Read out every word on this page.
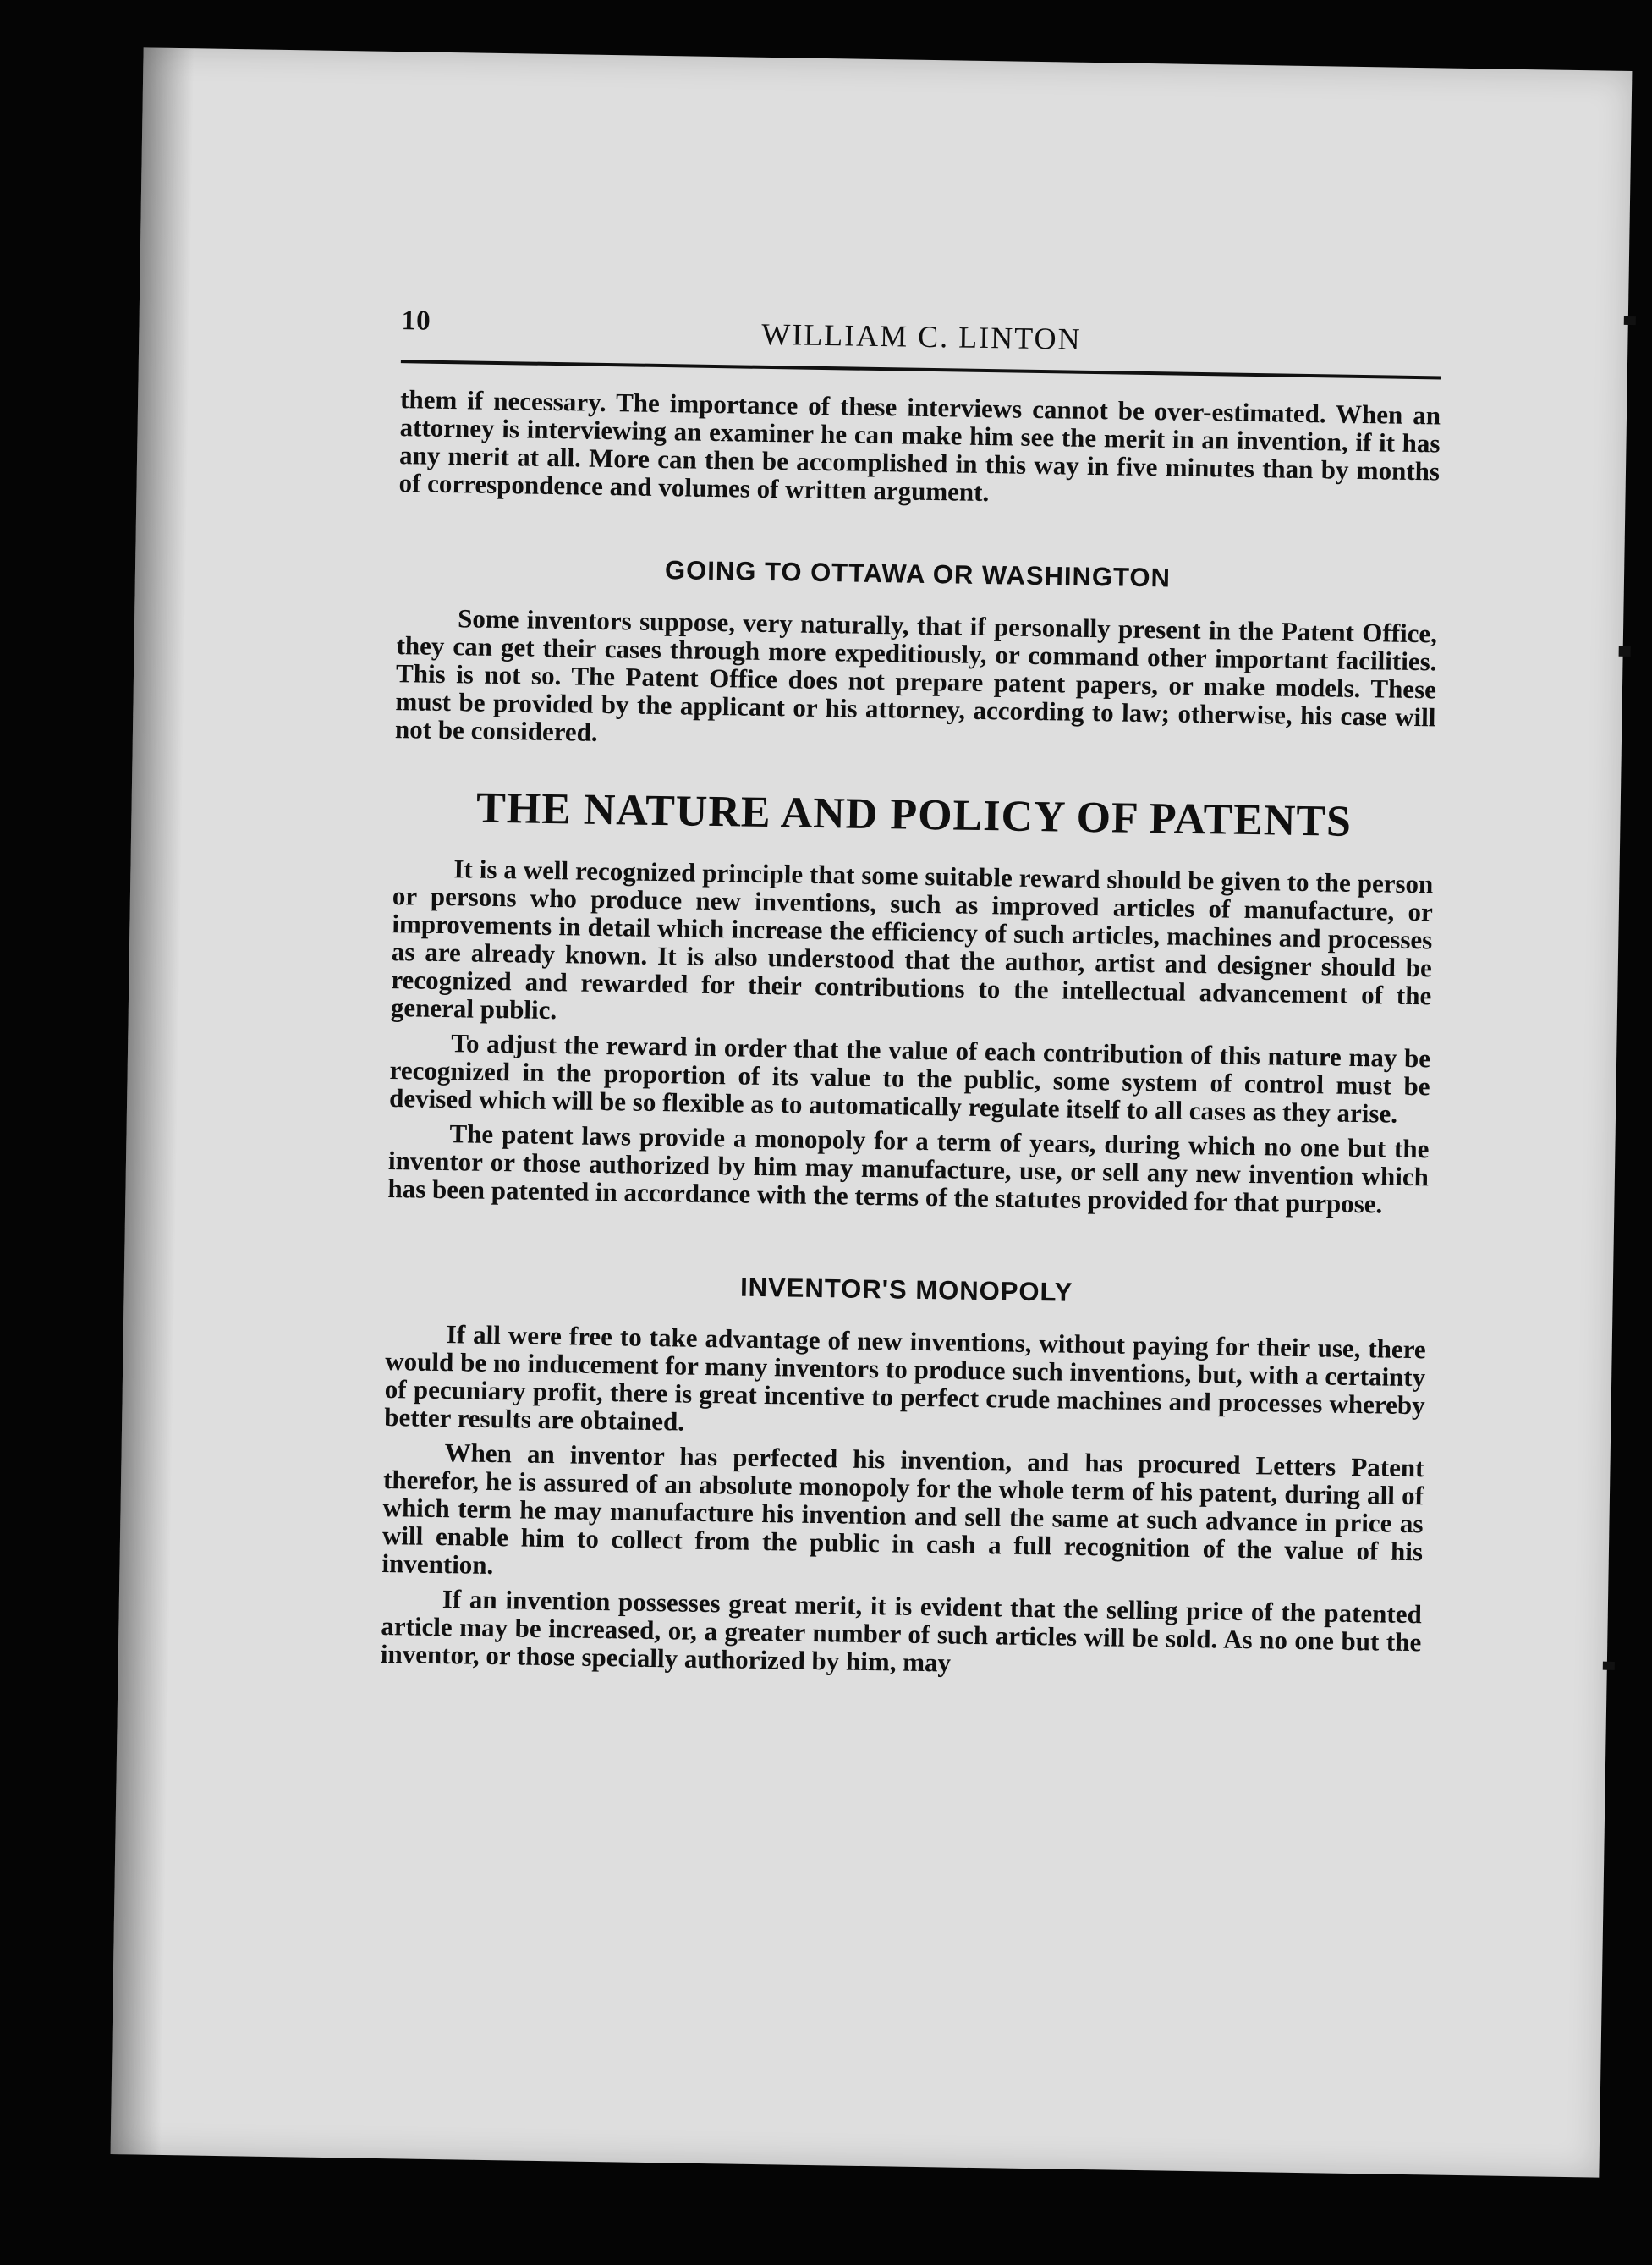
10	WILLIAM C. LINTON

them if necessary. The importance of these interviews cannot be over-estimated. When an attorney is interviewing an examiner he can make him see the merit in an invention, if it has any merit at all. More can then be accomplished in this way in five minutes than by months of correspondence and volumes of written argument.

GOING TO OTTAWA OR WASHINGTON

Some inventors suppose, very naturally, that if personally present in the Patent Office, they can get their cases through more expeditiously, or command other important facilities. This is not so. The Patent Office does not prepare patent papers, or make models. These must be provided by the applicant or his attorney, according to law; otherwise, his case will not be considered.

THE NATURE AND POLICY OF PATENTS

It is a well recognized principle that some suitable reward should be given to the person or persons who produce new inventions, such as improved articles of manufacture, or improvements in detail which increase the efficiency of such articles, machines and processes as are already known. It is also understood that the author, artist and designer should be recognized and rewarded for their contributions to the intellectual advancement of the general public.

To adjust the reward in order that the value of each contribution of this nature may be recognized in the proportion of its value to the public, some system of control must be devised which will be so flexible as to automatically regulate itself to all cases as they arise.

The patent laws provide a monopoly for a term of years, during which no one but the inventor or those authorized by him may manufacture, use, or sell any new invention which has been patented in accordance with the terms of the statutes provided for that purpose.

INVENTOR'S MONOPOLY

If all were free to take advantage of new inventions, without paying for their use, there would be no inducement for many inventors to produce such inventions, but, with a certainty of pecuniary profit, there is great incentive to perfect crude machines and processes whereby better results are obtained.

When an inventor has perfected his invention, and has procured Letters Patent therefor, he is assured of an absolute monopoly for the whole term of his patent, during all of which term he may manufacture his invention and sell the same at such advance in price as will enable him to collect from the public in cash a full recognition of the value of his invention.

If an invention possesses great merit, it is evident that the selling price of the patented article may be increased, or, a greater number of such articles will be sold. As no one but the inventor, or those specially authorized by him, may
